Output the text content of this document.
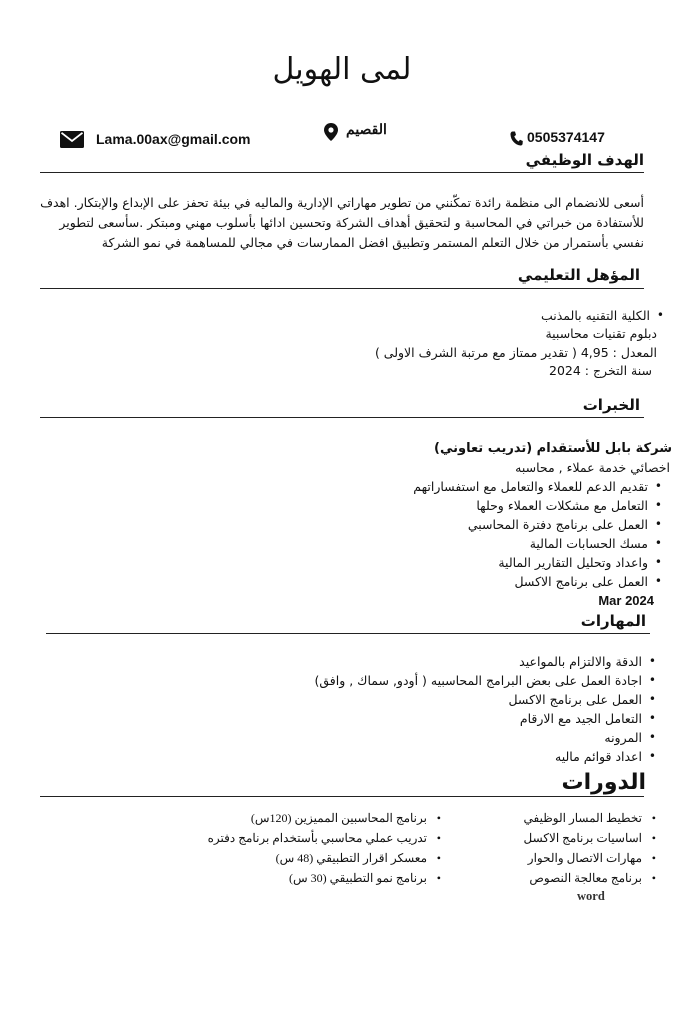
لمى الهويل
Lama.00ax@gmail.com
القصيم	0505374147
الهدف الوظيفي
أسعى للانضمام الى منظمة رائدة تمكّنني من تطوير مهاراتي الإدارية والماليه في بيئة تحفز على الإبداع والإبتكار. اهدف
للأستفادة من خبراتي في المحاسبة و لتحقيق أهداف الشركة وتحسين ادائها بأسلوب مهني ومبتكر .سأسعى لتطوير
نفسي بأستمرار من خلال التعلم المستمر وتطبيق افضل الممارسات في مجالي للمساهمة في نمو الشركة
المؤهل التعليمي
• الكلية التقنيه بالمذنب
دبلوم تقنيات محاسبية
المعدل : 4,95 ( تقدير ممتاز مع مرتبة الشرف الاولى )
سنة التخرج : 2024
الخبرات
شركة بابل للأستقدام (تدريب تعاوني)
اخصائي خدمة عملاء , محاسبه
• تقديم الدعم للعملاء والتعامل مع استفساراتهم
• التعامل مع مشكلات العملاء وحلها
• العمل على برنامج دفترة المحاسبي
• مسك الحسابات المالية
• واعداد وتحليل التقارير المالية
• العمل على برنامج الاكسل
Mar 2024
المهارات
• الدقة والالتزام بالمواعيد
• اجادة العمل على بعض البرامج المحاسبيه ( أودو, سماك , وافق)
• العمل على برنامج الاكسل
• التعامل الجيد مع الارقام
• المرونه
• اعداد قوائم ماليه
الدورات
• تخطيط المسار الوظيفي
• اساسيات برنامج الاكسل
• مهارات الاتصال والحوار
• برنامج معالجة النصوص
word
• برنامج المحاسبين المميزين (120س)
• تدريب عملي محاسبي بأستخدام برنامج دفتره
• معسكر اقرار التطبيقي (48 س)
• برنامج نمو التطبيقي (30 س)
